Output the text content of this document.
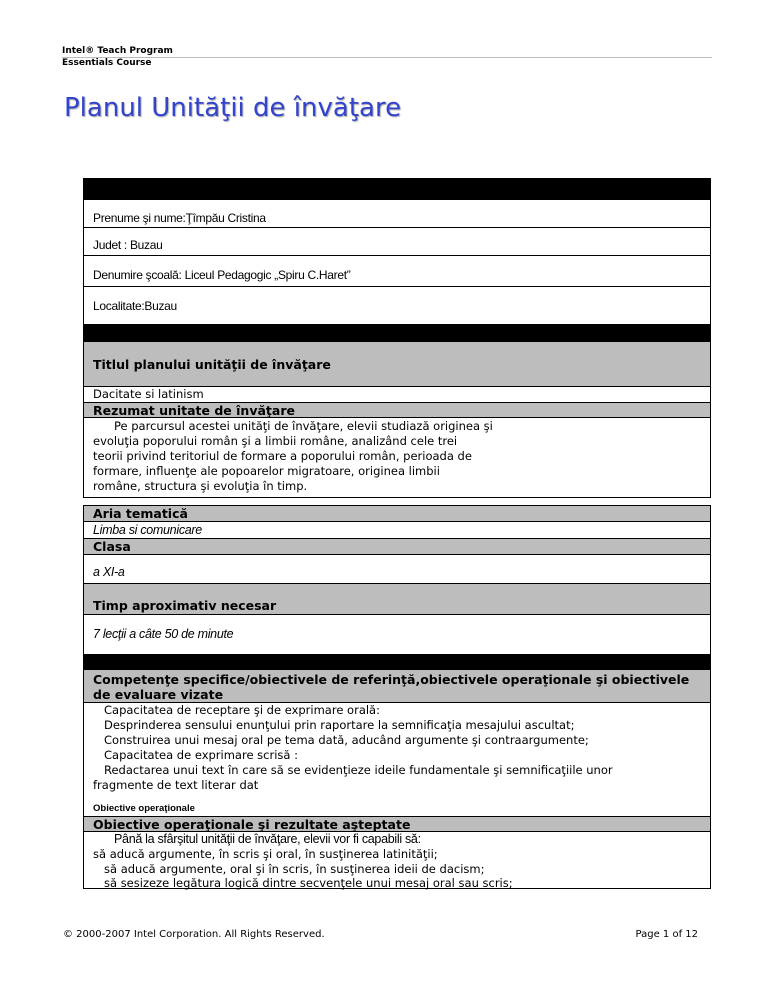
Intel® Teach Program
Essentials Course
Planul Unităţii de învăţare
Prenume şi nume:Ţîmpău Cristina
Judet : Buzau
Denumire şcoală: Liceul Pedagogic „Spiru C.Haret”
Localitate:Buzau
Titlul planului unităţii de învăţare
Dacitate si latinism
Rezumat unitate de învăţare
Pe parcursul acestei unităţi de învăţare, elevii studiază originea şi
evoluţia poporului român şi a limbii române, analizând cele trei
teorii privind teritoriul de formare a poporului român, perioada de
formare, influenţe ale popoarelor migratoare, originea limbii
române, structura şi evoluţia în timp.
Aria tematică
Limba si comunicare
Clasa
a XI-a
Timp aproximativ necesar
7 lecţii a câte 50 de minute
Competenţe specifice/obiectivele de referinţă,obiectivele operaţionale şi obiectivele
de evaluare vizate
Capacitatea de receptare şi de exprimare orală:
Desprinderea sensului enunţului prin raportare la semnificaţia mesajului ascultat;
Construirea unui mesaj oral pe tema dată, aducând argumente şi contraargumente;
Capacitatea de exprimare scrisă :
Redactarea unui text în care să se evidenţieze ideile fundamentale şi semnificaţiile unor
fragmente de text literar dat
Obiective operaţionale
Obiective operaţionale şi rezultate aşteptate
Până la sfârşitul unităţii de învăţare, elevii vor fi capabili să:
să aducă argumente, în scris şi oral, în susţinerea latinităţii;
să aducă argumente, oral şi în scris, în susţinerea ideii de dacism;
să sesizeze legătura logică dintre secvenţele unui mesaj oral sau scris;
© 2000-2007 Intel Corporation. All Rights Reserved.	Page 1 of 12
